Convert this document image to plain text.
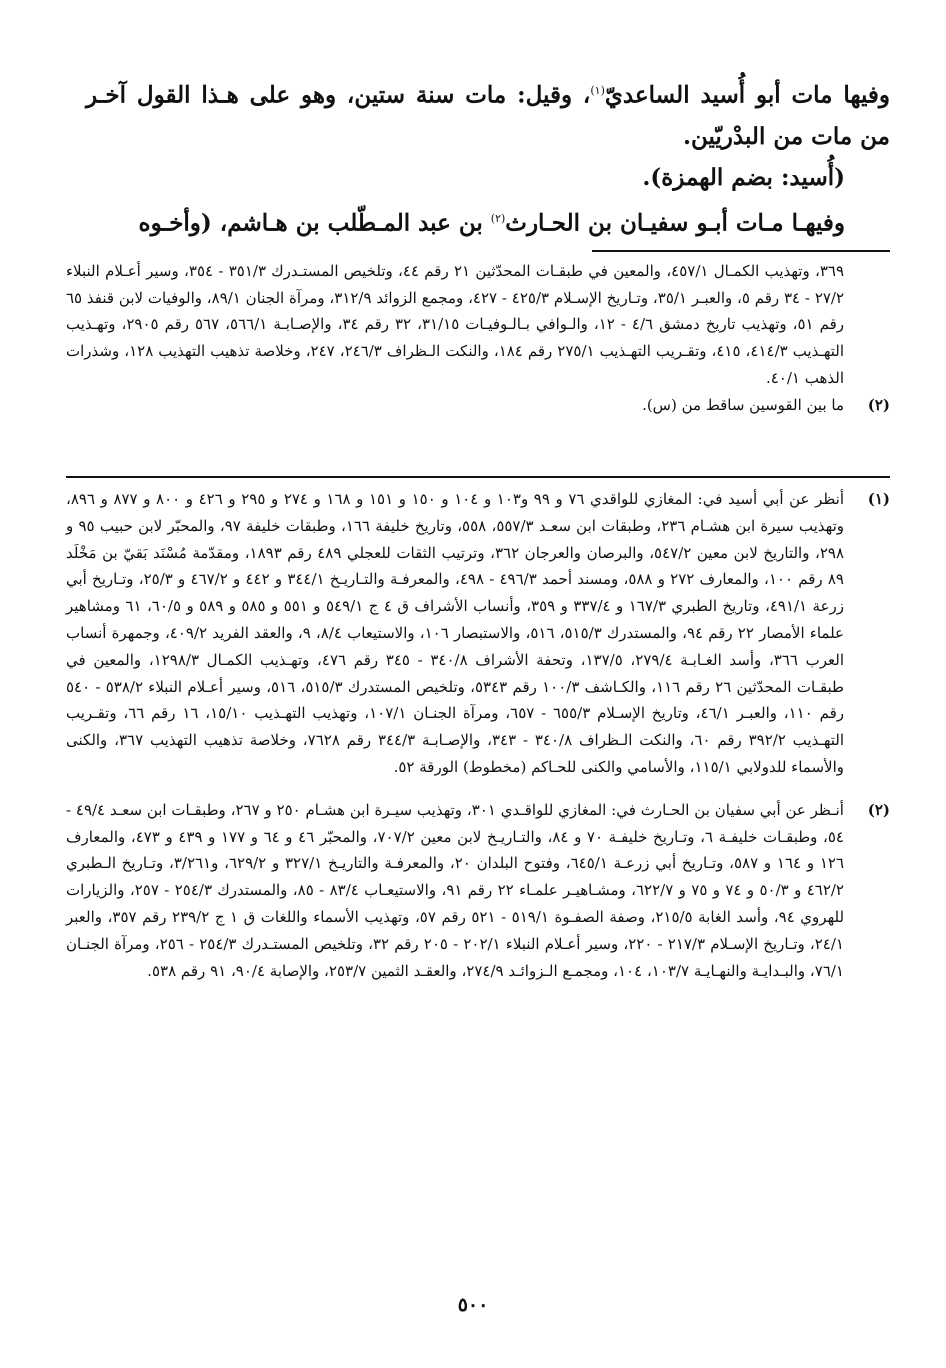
وفيها مات أبو أُسيد الساعديّ$^{(١)}$، وقيل: مات سنة ستين، وهو على هـذا القول آخـر من مات من البدْريّين.

(أُسيد: بضم الهمزة).

وفيهـا مـات أبـو سفيـان بن الحـارث$^{(٢)}$ بن عبد المـطّلب بن هـاشم، (وأخـوه

٣٦٩، وتهذيب الكمـال ٤٥٧/١، والمعين في طبقـات المحدّثين ٢١ رقم ٤٤، وتلخيص المستـدرك ٣٥١/٣ - ٣٥٤، وسير أعـلام النبلاء ٢٧/٢ - ٣٤ رقم ٥، والعبـر ٣٥/١، وتـاريخ الإسـلام ٤٢٥/٣ - ٤٢٧، ومجمع الزوائد ٣١٢/٩، ومرآة الجنان ٨٩/١، والوفيات لابن قنفذ ٦٥ رقم ٥١، وتهذيب تاريخ دمشق ٤/٦ - ١٢، والـوافي بـالـوفيـات ٣١/١٥، ٣٢ رقم ٣٤، والإصـابـة ٥٦٦/١، ٥٦٧ رقم ٢٩٠٥، وتهـذيب التهـذيب ٤١٤/٣، ٤١٥، وتقـريب التهـذيب ٢٧٥/١ رقم ١٨٤، والنكت الـظراف ٢٤٦/٣، ٢٤٧، وخلاصة تذهيب التهذيب ١٢٨، وشذرات الذهب ٤٠/١.

(٢)
ما بين القوسين ساقط من (س).
(١)
أنظر عن أبي أسيد في: المغازي للواقدي ٧٦ و ٩٩ و١٠٣ و ١٠٤ و ١٥٠ و ١٥١ و ١٦٨ و ٢٧٤ و ٢٩٥ و ٤٢٦ و ٨٠٠ و ٨٧٧ و ٨٩٦، وتهذيب سيرة ابن هشـام ٢٣٦، وطبقات ابن سعـد ٥٥٧/٣، ٥٥٨، وتاريخ خليفة ١٦٦، وطبقات خليفة ٩٧، والمحبّر لابن حبيب ٩٥ و ٢٩٨، والتاريخ لابن معين ٥٤٧/٢، والبرصان والعرجان ٣٦٢، وترتيب الثقات للعجلي ٤٨٩ رقم ١٨٩٣، ومقدّمة مُسْنَد بَقيّ بن مَخْلَد ٨٩ رقم ١٠٠، والمعارف ٢٧٢ و ٥٨٨، ومسند أحمد ٤٩٦/٣ - ٤٩٨، والمعرفـة والتـاريـخ ٣٤٤/١ و ٤٤٢ و ٤٦٧/٢ و ٢٥/٣، وتـاريخ أبي زرعة ٤٩١/١، وتاريخ الطبري ١٦٧/٣ و ٣٣٧/٤ و ٣٥٩، وأنساب الأشراف ق ٤ ج ٥٤٩/١ و ٥٥١ و ٥٨٥ و ٥٨٩ و ٦٠/٥، ٦١ ومشاهير علماء الأمصار ٢٢ رقم ٩٤، والمستدرك ٥١٥/٣، ٥١٦، والاستبصار ١٠٦، والاستيعاب ٨/٤، ٩، والعقد الفريد ٤٠٩/٢، وجمهرة أنساب العرب ٣٦٦، وأسد الغـابـة ٢٧٩/٤، ١٣٧/٥، وتحفة الأشراف ٣٤٠/٨ - ٣٤٥ رقم ٤٧٦، وتهـذيب الكمـال ١٢٩٨/٣، والمعين في طبقـات المحدّثين ٢٦ رقم ١١٦، والكـاشف ١٠٠/٣ رقم ٥٣٤٣، وتلخيص المستدرك ٥١٥/٣، ٥١٦، وسير أعـلام النبلاء ٥٣٨/٢ - ٥٤٠ رقم ١١٠، والعبـر ٤٦/١، وتاريخ الإسـلام ٦٥٥/٣ - ٦٥٧، ومرآة الجنـان ١٠٧/١، وتهذيب التهـذيب ١٥/١٠، ١٦ رقم ٦٦، وتقـريب التهـذيب ٣٩٢/٢ رقم ٦٠، والنكت الـظراف ٣٤٠/٨ - ٣٤٣، والإصـابـة ٣٤٤/٣ رقم ٧٦٢٨، وخلاصة تذهيب التهذيب ٣٦٧، والكنى والأسماء للدولابي ١١٥/١، والأسامي والكنى للحـاكم (مخطوط) الورقة ٥٢.
(٢)
أنـظر عن أبي سفيان بن الحـارث في: المغازي للواقـدي ٣٠١، وتهذيب سيـرة ابن هشـام ٢٥٠ و ٢٦٧، وطبقـات ابن سعـد ٤٩/٤ - ٥٤، وطبقـات خليفـة ٦، وتـاريخ خليفـة ٧٠ و ٨٤، والتـاريـخ لابن معين ٧٠٧/٢، والمحبّر ٤٦ و ٦٤ و ١٧٧ و ٤٣٩ و ٤٧٣، والمعارف ١٢٦ و ١٦٤ و ٥٨٧، وتـاريخ أبي زرعـة ٦٤٥/١، وفتوح البلدان ٢٠، والمعرفـة والتاريـخ ٣٢٧/١ و ٦٢٩/٢، و٣/٢٦١، وتـاريخ الـطبري ٤٦٢/٢ و ٥٠/٣ و ٧٤ و ٧٥ و ٦٢٢/٧، ومشـاهيـر علمـاء ٢٢ رقم ٩١، والاستيعـاب ٨٣/٤ - ٨٥، والمستدرك ٢٥٤/٣ - ٢٥٧، والزيارات للهروي ٩٤، وأسد الغابة ٢١٥/٥، وصفة الصفـوة ٥١٩/١ - ٥٢١ رقم ٥٧، وتهذيب الأسماء واللغات ق ١ ج ٢٣٩/٢ رقم ٣٥٧، والعبر ٢٤/١، وتـاريخ الإسـلام ٢١٧/٣ - ٢٢٠، وسير أعـلام النبلاء ٢٠٢/١ - ٢٠٥ رقم ٣٢، وتلخيص المستـدرك ٢٥٤/٣ - ٢٥٦، ومرآة الجنـان ٧٦/١، والبـدايـة والنهـايـة ١٠٣/٧، ١٠٤، ومجمـع الـزوائـد ٢٧٤/٩، والعقـد الثمين ٢٥٣/٧، والإصابة ٩٠/٤، ٩١ رقم ٥٣٨.
٥٠٠
